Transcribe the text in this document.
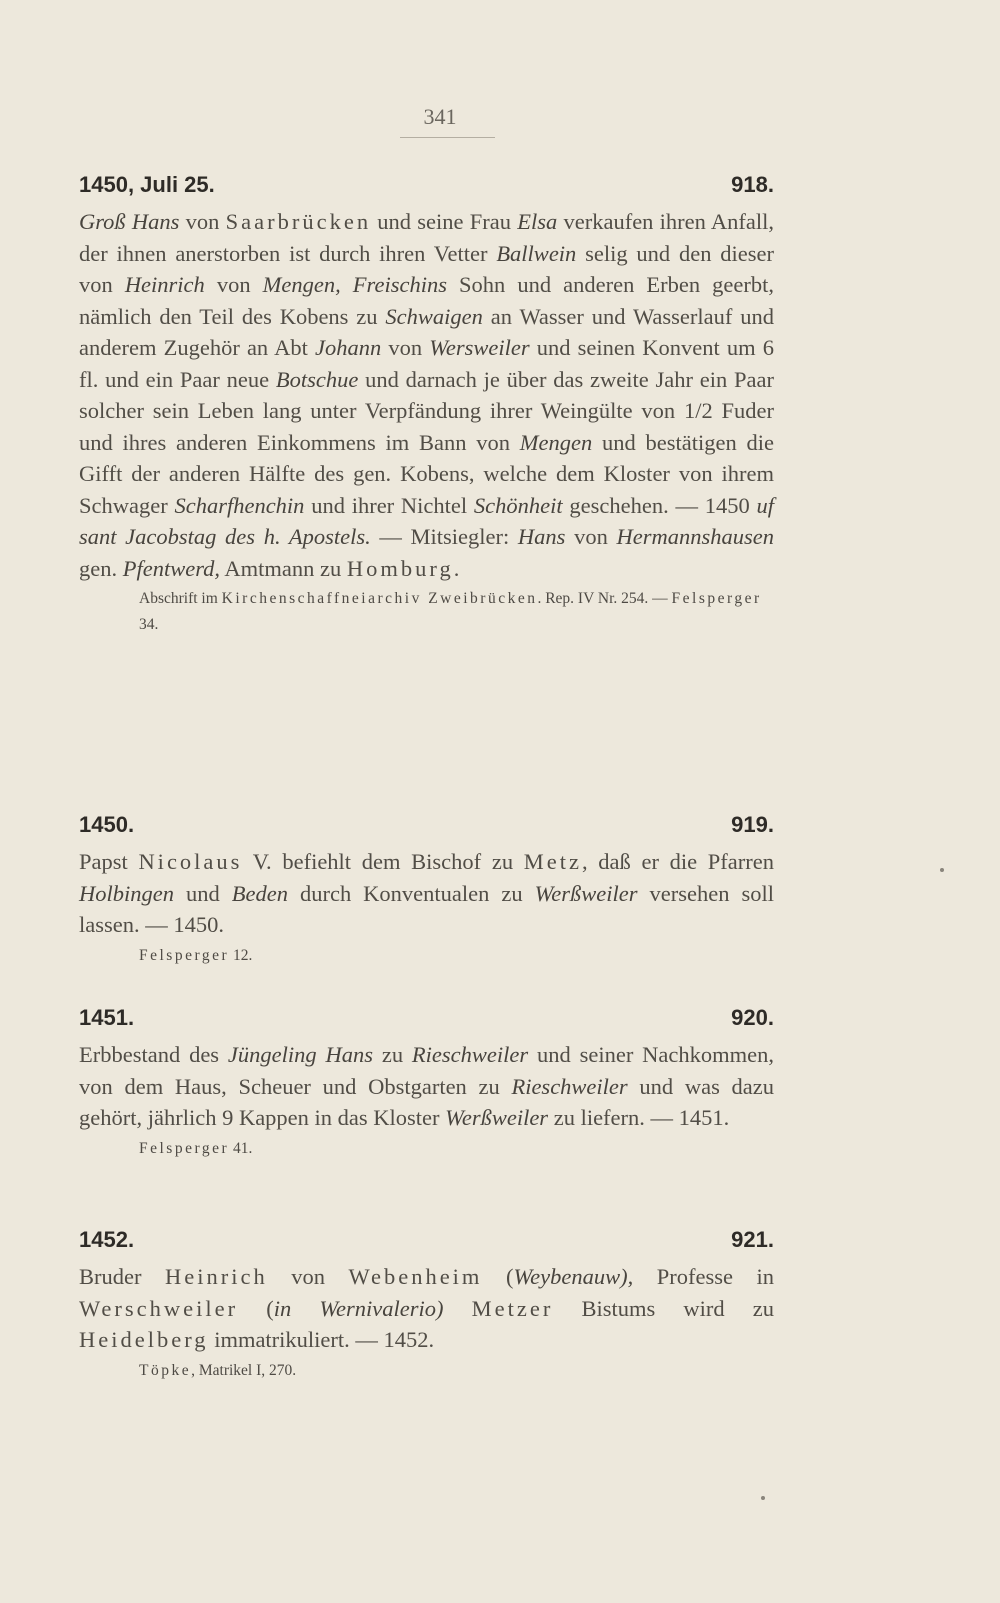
341
1450, Juli 25.	918.
Groß Hans von Saarbrücken und seine Frau Elsa verkaufen ihren Anfall, der ihnen anerstorben ist durch ihren Vetter Ballwein selig und den dieser von Heinrich von Mengen, Freischins Sohn und anderen Erben geerbt, nämlich den Teil des Kobens zu Schwaigen an Wasser und Wasserlauf und anderem Zugehör an Abt Johann von Wersweiler und seinen Konvent um 6 fl. und ein Paar neue Botschue und darnach je über das zweite Jahr ein Paar solcher sein Leben lang unter Verpfändung ihrer Weingülte von 1/2 Fuder und ihres anderen Einkommens im Bann von Mengen und bestätigen die Gifft der anderen Hälfte des gen. Kobens, welche dem Kloster von ihrem Schwager Scharfhenchin und ihrer Nichtel Schönheit geschehen. — 1450 uf sant Jacobstag des h. Apostels. — Mitsiegler: Hans von Hermannshausen gen. Pfentwerd, Amtmann zu Homburg.
Abschrift im Kirchenschaffneiarchiv Zweibrücken. Rep. IV Nr. 254. — Felsperger 34.
1450.	919.
Papst Nicolaus V. befiehlt dem Bischof zu Metz, daß er die Pfarren Holbingen und Beden durch Konventualen zu Werßweiler versehen soll lassen. — 1450.
Felsperger 12.
1451.	920.
Erbbestand des Jüngeling Hans zu Rieschweiler und seiner Nachkommen, von dem Haus, Scheuer und Obstgarten zu Rieschweiler und was dazu gehört, jährlich 9 Kappen in das Kloster Werßweiler zu liefern. — 1451.
Felsperger 41.
1452.	921.
Bruder Heinrich von Webenheim (Weybenauw), Professe in Werschweiler (in Wernivalerio) Metzer Bistums wird zu Heidelberg immatrikuliert. — 1452.
Töpke, Matrikel I, 270.
